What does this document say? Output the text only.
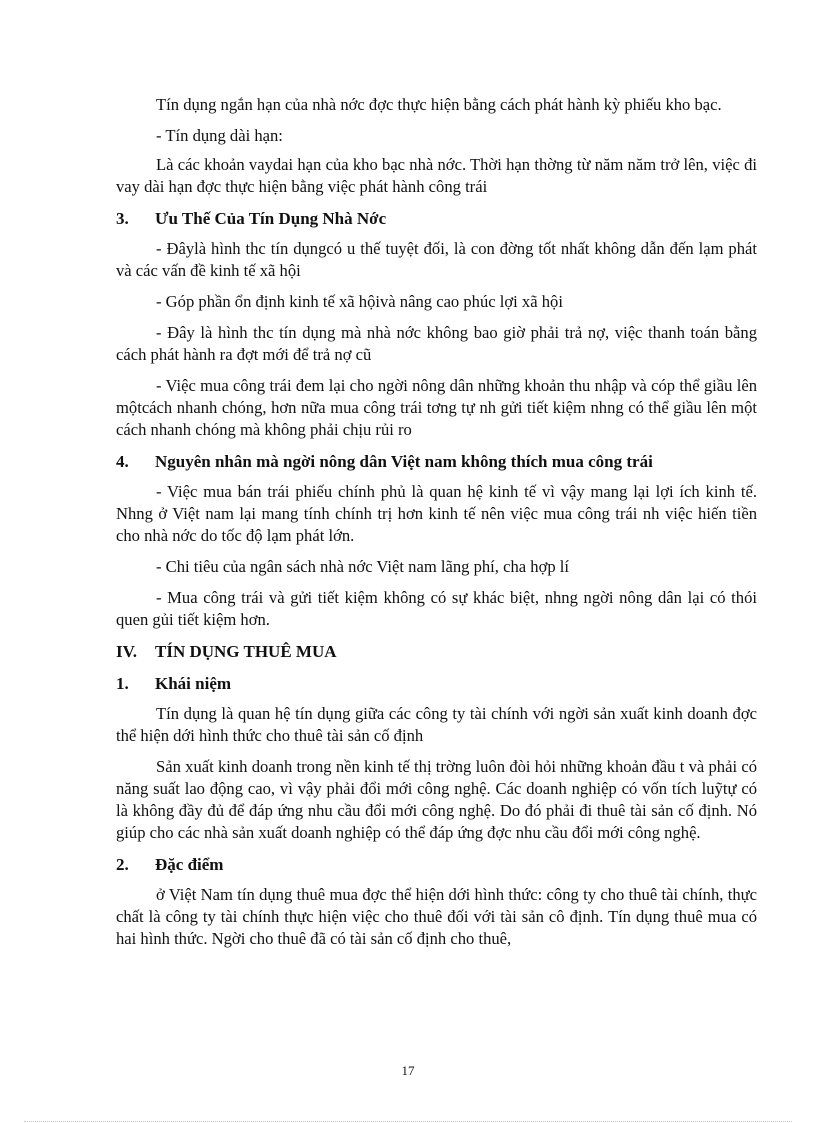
Tín dụng ngắn hạn của nhà nớc đợc thực hiện bằng cách phát hành kỳ phiếu kho bạc.

- Tín dụng dài hạn:

Là các khoản vaydai hạn của kho bạc nhà nớc. Thời hạn thờng từ năm năm trở lên, việc đi vay dài hạn đợc thực hiện bằng việc phát hành công trái

3. Ưu Thế Của Tín Dụng Nhà Nớc

- Đâylà hình thc tín dụngcó u thế tuyệt đối, là con đờng tốt nhất không dẫn đến lạm phát và các vấn đề kinh tế xã hội

- Góp phần ổn định kinh tế xã hộivà nâng cao phúc lợi xã hội

- Đây là hình thc tín dụng mà nhà nớc không bao giờ phải trả nợ, việc thanh toán bằng cách phát hành ra đợt mới để trả nợ cũ

- Việc mua công trái đem lại cho ngời nông dân những khoản thu nhập và cóp thể giầu lên mộtcách nhanh chóng, hơn nữa mua công trái tơng tự nh gửi tiết kiệm nhng có thể giầu lên một cách nhanh chóng mà không phải chịu rủi ro

4. Nguyên nhân mà ngời nông dân Việt nam không thích mua công trái

- Việc mua bán trái phiếu chính phủ là quan hệ kinh tế vì vậy mang lại lợi ích kinh tế. Nhng ở Việt nam lại mang tính chính trị hơn kinh tế nên việc mua công trái nh việc hiến tiền cho nhà nớc do tốc độ lạm phát lớn.

- Chi tiêu của ngân sách nhà nớc Việt nam lãng phí, cha hợp lí

- Mua công trái và gửi tiết kiệm không có sự khác biệt, nhng ngời nông dân lại có thói quen gủi tiết kiệm hơn.

IV. TÍN DỤNG THUÊ MUA
1. Khái niệm

Tín dụng là quan hệ tín dụng giữa các công ty tài chính với ngời sản xuất kinh doanh đợc thể hiện dới hình thức cho thuê tài sản cố định

Sản xuất kinh doanh trong nền kinh tế thị trờng luôn đòi hỏi những khoản đầu t và phải có năng suất lao động cao, vì vậy phải đổi mới công nghệ. Các doanh nghiệp có vốn tích luỹtự có là không đầy đủ để đáp ứng nhu cầu đổi mới công nghệ. Do đó phải đi thuê tài sản cố định. Nó giúp cho các nhà sản xuất doanh nghiệp có thể đáp ứng đợc nhu cầu đổi mới công nghệ.

2. Đặc điểm

ở Việt Nam tín dụng thuê mua đợc thể hiện dới hình thức: công ty cho thuê tài chính, thực chất là công ty tài chính thực hiện việc cho thuê đối với tài sản cô định. Tín dụng thuê mua có hai hình thức. Ngời cho thuê đã có tài sản cố định cho thuê,

17
